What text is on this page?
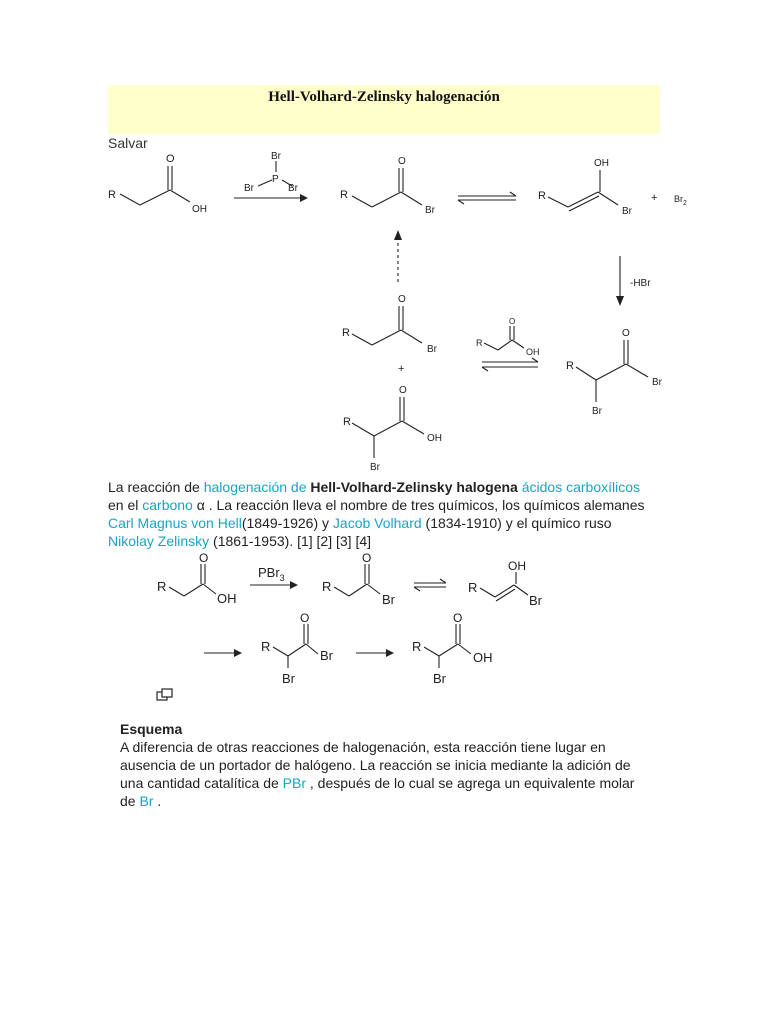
Hell-Volhard-Zelinsky halogenación
Salvar
R
O
OH
Br
P
Br	Br
R
O
Br
R
OH
Br
+ $Br_2$
-HBr
R
O
Br
+
R
O
OH
R
O
Br
Br
R
O
OH
Br
La reacción de halogenación de Hell-Volhard-Zelinsky halogena ácidos carboxílicos en el carbono α . La reacción lleva el nombre de tres químicos, los químicos alemanes Carl Magnus von Hell(1849-1926) y Jacob Volhard (1834-1910) y el químico ruso Nikolay Zelinsky (1861-1953). [1] [2] [3] [4]
R
O
OH
PBr$_3$
R
O
Br
R
OH
Br
R
O
Br
Br
R
O
OH
Br
Esquema
A diferencia de otras reacciones de halogenación, esta reacción tiene lugar en ausencia de un portador de halógeno. La reacción se inicia mediante la adición de una cantidad catalítica de PBr , después de lo cual se agrega un equivalente molar de Br .
